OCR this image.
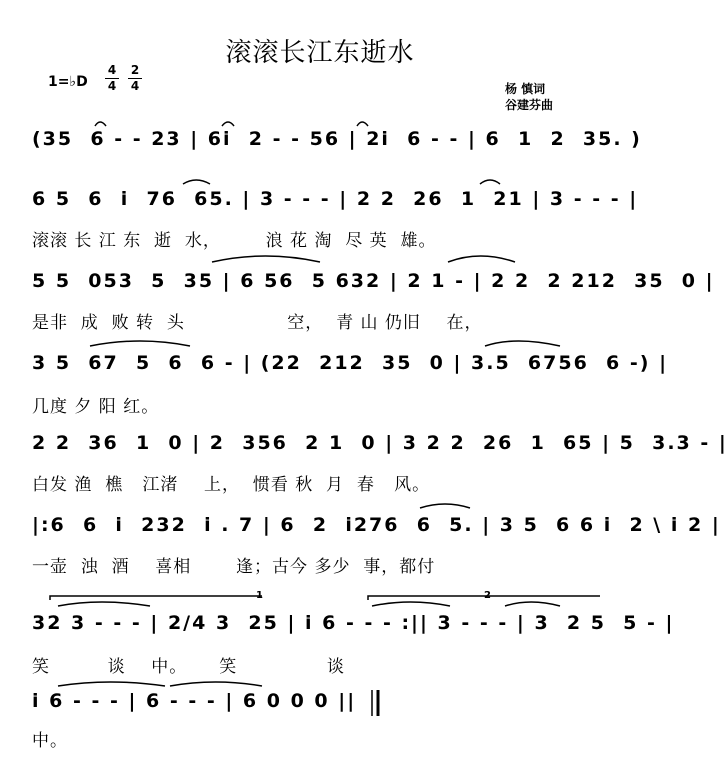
滚滚长江东逝水
1=♭D
4
4
2
4	杨 慎词
谷建芬曲
(35  6 - - 23 | 6i  2 - - 56 | 2i  6 - - | 6  1  2  35. )
6 5  6  i  76  65. | 3 - - - | 2 2  26  1  21 | 3 - - - |
滚滚 长 江 东  逝  水，       浪 花 淘  尽 英  雄。
5 5  053  5  35 | 6 56  5 632 | 2 1 - | 2 2  2 212  35  0 |
是非  成  败 转  头                空，  青 山 仍旧    在，
3 5  67  5  6  6 - | (22  212  35  0 | 3.5  6756  6 -) |
几度 夕 阳 红。
2 2  36  1  0 | 2  356  2 1  0 | 3 2 2  26  1  65 | 5  3.3 - |
白发 渔  樵   江渚    上，  惯看 秋  月  春   风。
|:6  6  i  232  i . 7 | 6  2  i276  6  5. | 3 5  6 6 i  2 \ i 2 |
一壶  浊  酒    喜相       逢；古今 多少  事，都付
32 3 - - - | 2/4 3  25 | i 6 - - - :|| 3 - - - | 3  2 5  5 - |
笑         谈    中。     笑              谈
i 6 - - - | 6 - - - | 6 0 0 0 ||
中。
1	2
